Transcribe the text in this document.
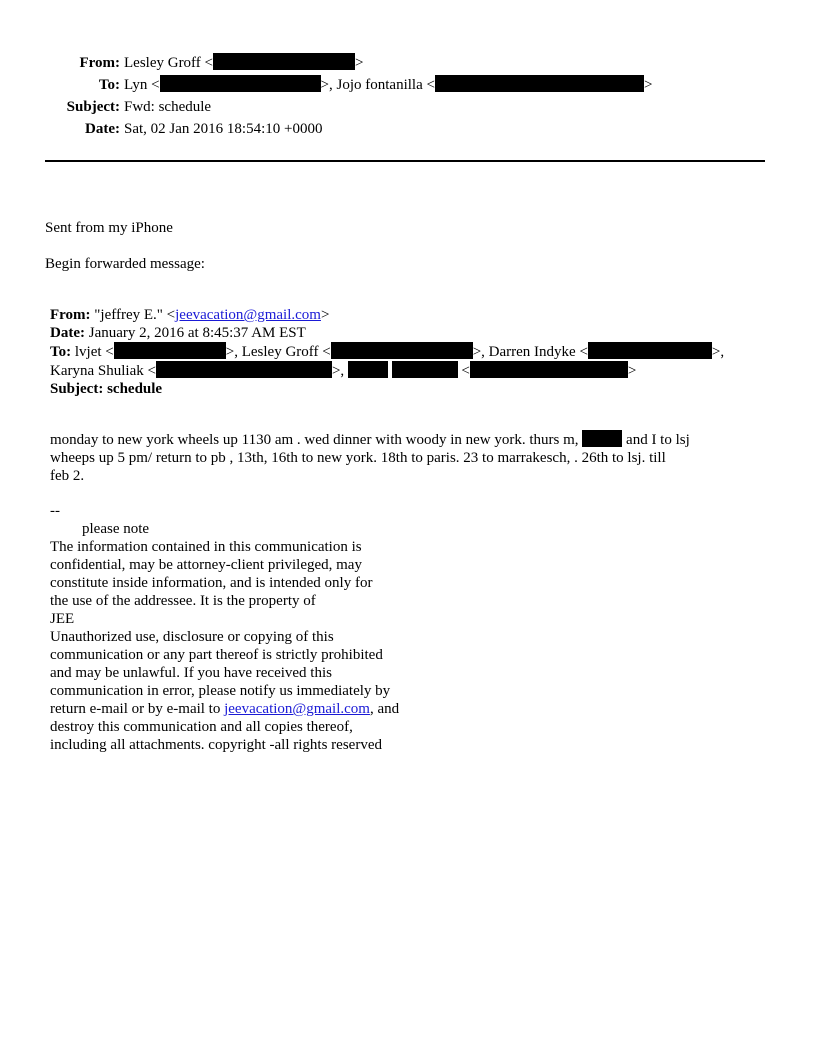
From: Lesley Groff <	>
To: Lyn <	>, Jojo fontanilla <	>
Subject: Fwd: schedule
Date: Sat, 02 Jan 2016 18:54:10 +0000

Sent from my iPhone

Begin forwarded message:

From: "jeffrey E." <jeevacation@gmail.com>
Date: January 2, 2016 at 8:45:37 AM EST
To: lvjet <	>, Lesley Groff <	>, Darren Indyke <	>,
Karyna Shuliak <	>,	<	>
Subject: schedule
monday to new york wheels up 1130 am . wed dinner with woody in new york. thurs m,	and I to lsj
wheeps up 5 pm/ return to pb , 13th, 16th to new york. 18th to paris. 23 to marrakesch, . 26th to lsj. till
feb 2.
--
please note
The information contained in this communication is
confidential, may be attorney-client privileged, may
constitute inside information, and is intended only for
the use of the addressee. It is the property of
JEE
Unauthorized use, disclosure or copying of this
communication or any part thereof is strictly prohibited
and may be unlawful. If you have received this
communication in error, please notify us immediately by
return e-mail or by e-mail to jeevacation@gmail.com, and
destroy this communication and all copies thereof,
including all attachments. copyright -all rights reserved
